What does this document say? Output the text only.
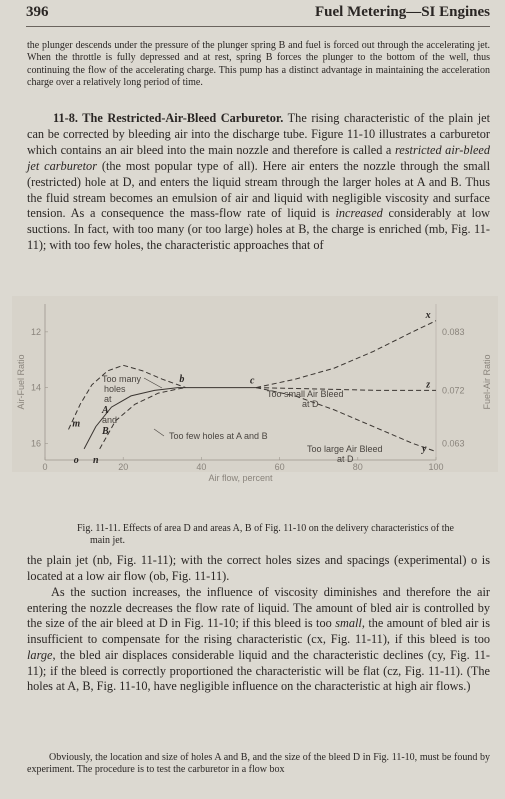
396	Fuel Metering—SI Engines

the plunger descends under the pressure of the plunger spring B and fuel is forced out through the accelerating jet. When the throttle is fully depressed and at rest, spring B forces the plunger to the bottom of the well, thus continuing the flow of the accelerating charge. This pump has a distinct advantage in maintaining the acceleration charge over a relatively long period of time.

11-8. The Restricted-Air-Bleed Carburetor. The rising characteristic of the plain jet can be corrected by bleeding air into the discharge tube. Figure 11-10 illustrates a carburetor which contains an air bleed into the main nozzle and therefore is called a restricted air-bleed jet carburetor (the most popular type of all). Here air enters the nozzle through the small (restricted) hole at D, and enters the liquid stream through the larger holes at A and B. Thus the fluid stream becomes an emulsion of air and liquid with negligible viscosity and surface tension. As a consequence the mass-flow rate of liquid is increased considerably at low suctions. In fact, with too many (or too large) holes at B, the charge is enriched (mb, Fig. 11-11); with too few holes, the characteristic approaches that of

0	20	40	60	80	100
12
14
16
0.083
0.072
0.063
m
o n
b	c
x
z
y
Air flow, percent
Air-Fuel Ratio	Fuel-Air Ratio
Too many
holes
at
A
and
B	Too few holes at A and B
Too small Air Bleed
at D
Too large Air Bleed
at D

Fig. 11-11. Effects of area D and areas A, B of Fig. 11-10 on the delivery characteristics of the main jet.

the plain jet (nb, Fig. 11-11); with the correct holes sizes and spacings (experimental) o is located at a low air flow (ob, Fig. 11-11).

As the suction increases, the influence of viscosity diminishes and therefore the air entering the nozzle decreases the flow rate of liquid. The amount of bled air is controlled by the size of the air bleed at D in Fig. 11-10; if this bleed is too small, the amount of bled air is insufficient to compensate for the rising characteristic (cx, Fig. 11-11), if this bleed is too large, the bled air displaces considerable liquid and the characteristic declines (cy, Fig. 11-11); if the bleed is correctly proportioned the characteristic will be flat (cz, Fig. 11-11). (The holes at A, B, Fig. 11-10, have negligible influence on the characteristic at high air flows.)

Obviously, the location and size of holes A and B, and the size of the bleed D in Fig. 11-10, must be found by experiment. The procedure is to test the carburetor in a flow box
